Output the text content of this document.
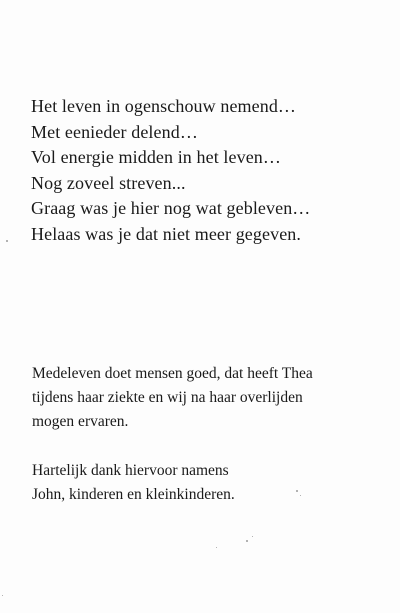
Het leven in ogenschouw nemend…
Met eenieder delend…
Vol energie midden in het leven…
Nog zoveel streven...
Graag was je hier nog wat gebleven…
Helaas was je dat niet meer gegeven.
Medeleven doet mensen goed, dat heeft Thea
tijdens haar ziekte en wij na haar overlijden
mogen ervaren.
Hartelijk dank hiervoor namens
John, kinderen en kleinkinderen.
